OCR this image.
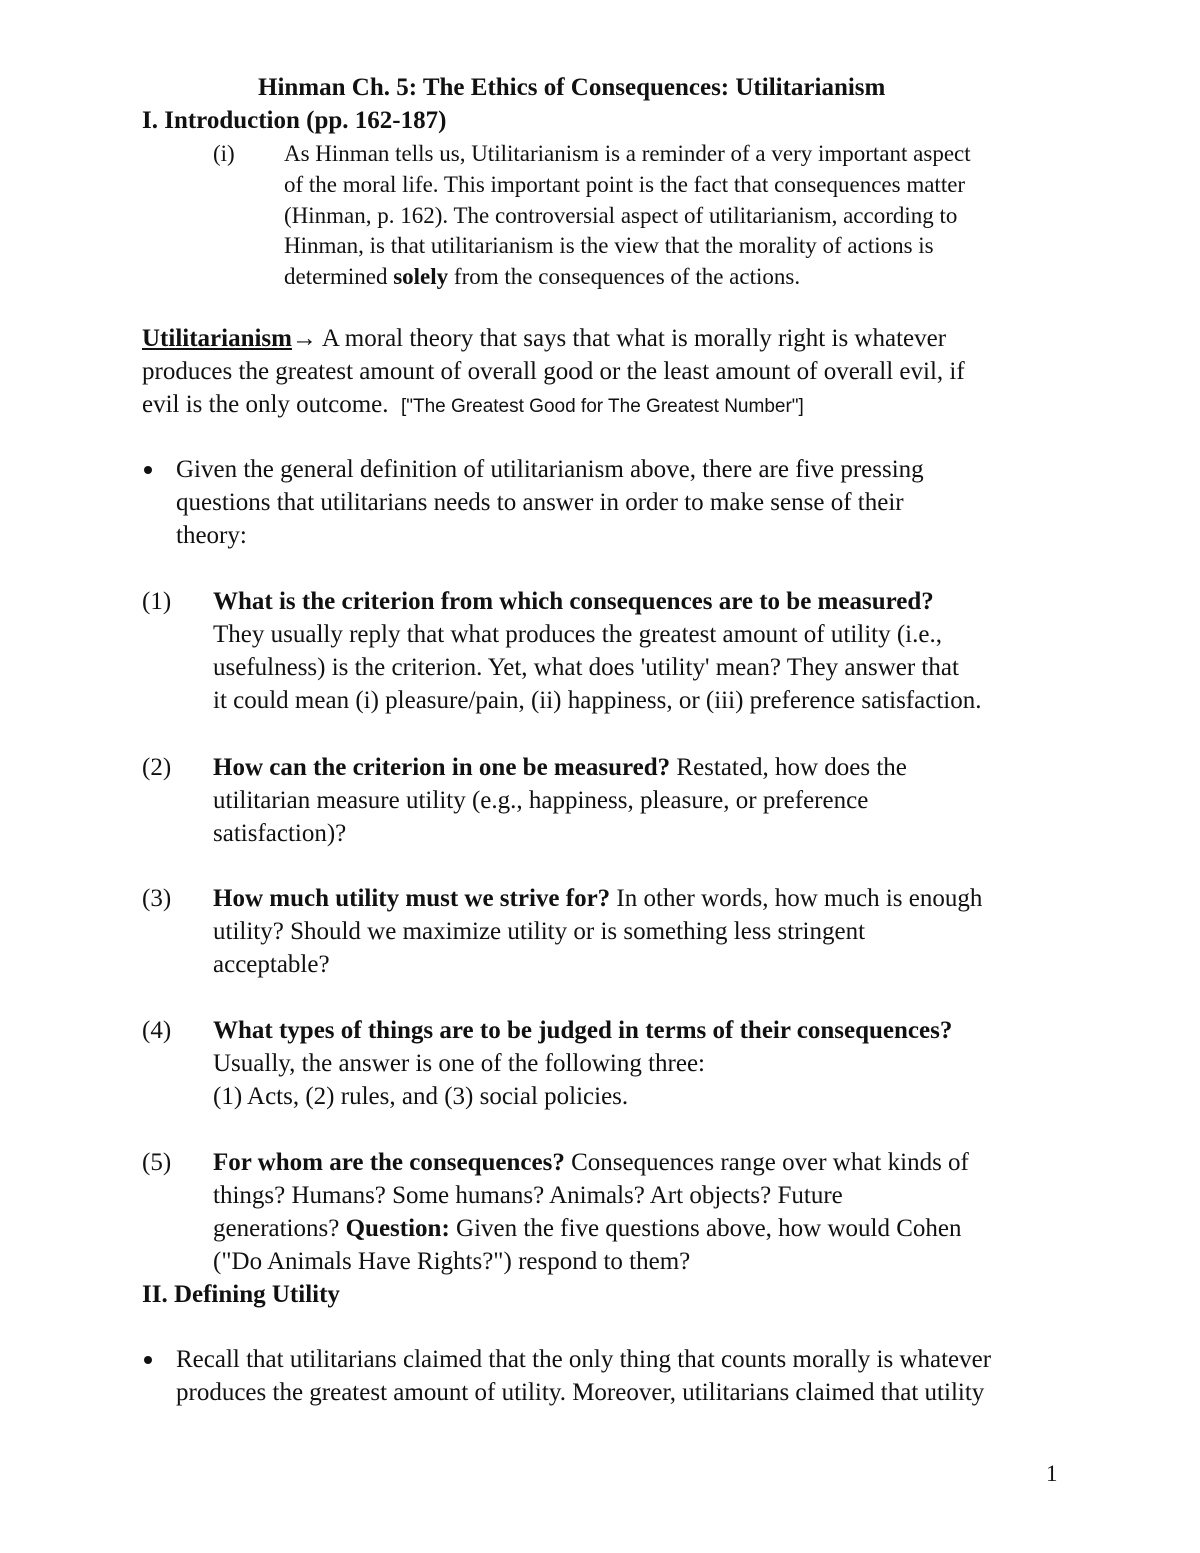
Hinman Ch. 5: The Ethics of Consequences: Utilitarianism
I. Introduction (pp. 162-187)
(i) As Hinman tells us, Utilitarianism is a reminder of a very important aspect
of the moral life. This important point is the fact that consequences matter
(Hinman, p. 162). The controversial aspect of utilitarianism, according to
Hinman, is that utilitarianism is the view that the morality of actions is
determined solely from the consequences of the actions.
Utilitarianism→ A moral theory that says that what is morally right is whatever
produces the greatest amount of overall good or the least amount of overall evil, if
evil is the only outcome. ["The Greatest Good for The Greatest Number"]
Given the general definition of utilitarianism above, there are five pressing
questions that utilitarians needs to answer in order to make sense of their
theory:
(1) What is the criterion from which consequences are to be measured?
They usually reply that what produces the greatest amount of utility (i.e.,
usefulness) is the criterion. Yet, what does 'utility' mean? They answer that
it could mean (i) pleasure/pain, (ii) happiness, or (iii) preference satisfaction.
(2) How can the criterion in one be measured? Restated, how does the
utilitarian measure utility (e.g., happiness, pleasure, or preference
satisfaction)?
(3) How much utility must we strive for? In other words, how much is enough
utility? Should we maximize utility or is something less stringent
acceptable?
(4) What types of things are to be judged in terms of their consequences?
Usually, the answer is one of the following three:
(1) Acts, (2) rules, and (3) social policies.
(5) For whom are the consequences? Consequences range over what kinds of
things? Humans? Some humans? Animals? Art objects? Future
generations? Question: Given the five questions above, how would Cohen
("Do Animals Have Rights?") respond to them?
II. Defining Utility
Recall that utilitarians claimed that the only thing that counts morally is whatever
produces the greatest amount of utility. Moreover, utilitarians claimed that utility
1
